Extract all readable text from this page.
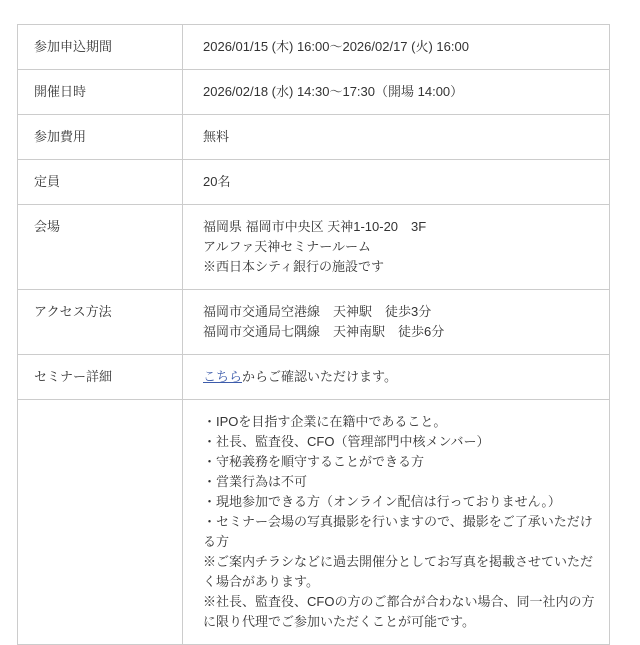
参加申込期間	2026/01/15 (木) 16:00〜2026/02/17 (火) 16:00

開催日時	2026/02/18 (水) 14:30〜17:30（開場 14:00）

参加費用	無料

定員	20名

会場	福岡県 福岡市中央区 天神1-10-20　3F
アルファ天神セミナールーム
※西日本シティ銀行の施設です

アクセス方法	福岡市交通局空港線　天神駅　徒歩3分
福岡市交通局七隅線　天神南駅　徒歩6分

セミナー詳細	こちらからご確認いただけます。

・IPOを目指す企業に在籍中であること。
・社長、監査役、CFO（管理部門中核メンバー）
・守秘義務を順守することができる方
・営業行為は不可
・現地参加できる方（オンライン配信は行っておりません。）
・セミナー会場の写真撮影を行いますので、撮影をご了承いただける方
※ご案内チラシなどに過去開催分としてお写真を掲載させていただく場合があります。
※社長、監査役、CFOの方のご都合が合わない場合、同一社内の方に限り代理でご参加いただくことが可能です。
